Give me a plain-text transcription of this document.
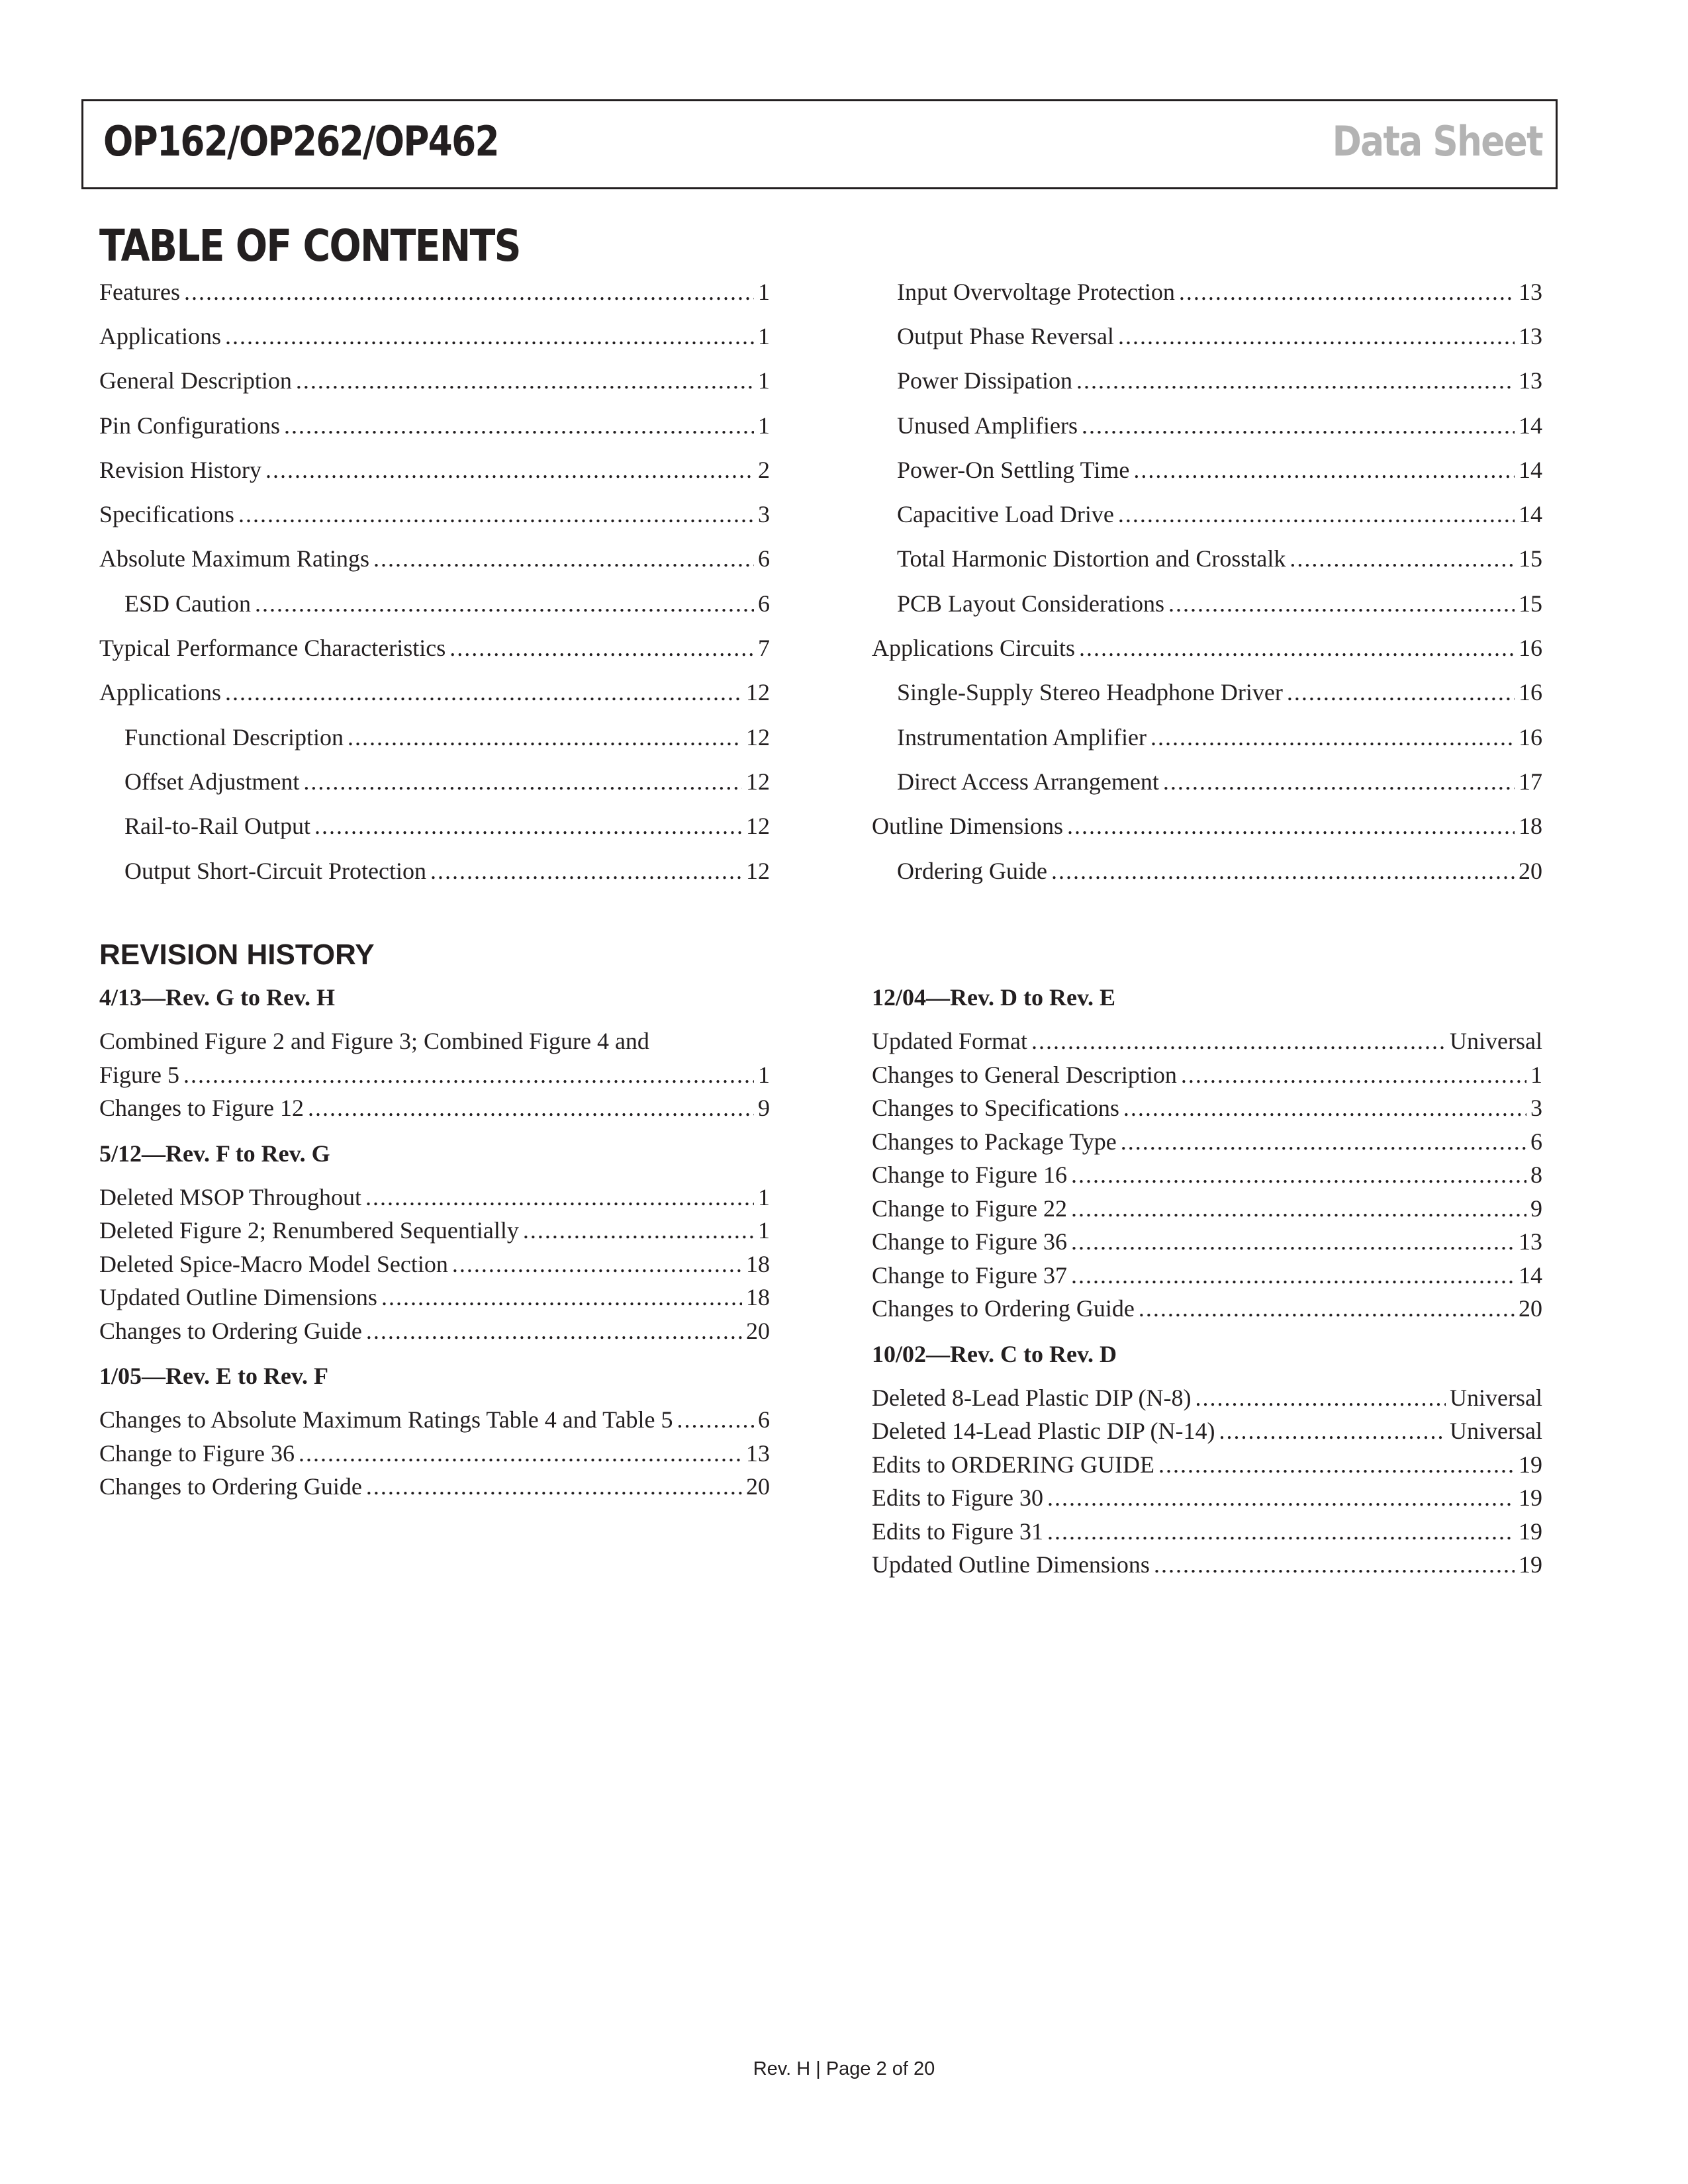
OP162/OP262/OP462	Data Sheet
TABLE OF CONTENTS
Features .....	1
Applications .....	1
General Description .....	1
Pin Configurations .....	1
Revision History .....	2
Specifications .....	3
Absolute Maximum Ratings .....	6
ESD Caution .....	6
Typical Performance Characteristics .....	7
Applications .....	12
Functional Description .....	12
Offset Adjustment .....	12
Rail-to-Rail Output .....	12
Output Short-Circuit Protection .....	12
Input Overvoltage Protection .....	13
Output Phase Reversal .....	13
Power Dissipation .....	13
Unused Amplifiers .....	14
Power-On Settling Time .....	14
Capacitive Load Drive .....	14
Total Harmonic Distortion and Crosstalk .....	15
PCB Layout Considerations .....	15
Applications Circuits .....	16
Single-Supply Stereo Headphone Driver .....	16
Instrumentation Amplifier .....	16
Direct Access Arrangement .....	17
Outline Dimensions .....	18
Ordering Guide .....	20
REVISION HISTORY
4/13—Rev. G to Rev. H
Combined Figure 2 and Figure 3; Combined Figure 4 and
Figure 5 .....	1
Changes to Figure 12 .....	9
5/12—Rev. F to Rev. G
Deleted MSOP Throughout .....	1
Deleted Figure 2; Renumbered Sequentially .....	1
Deleted Spice-Macro Model Section .....	18
Updated Outline Dimensions .....	18
Changes to Ordering Guide .....	20
1/05—Rev. E to Rev. F
Changes to Absolute Maximum Ratings Table 4 and Table 5 .....	6
Change to Figure 36 .....	13
Changes to Ordering Guide .....	20
12/04—Rev. D to Rev. E
Updated Format .....	Universal
Changes to General Description .....	1
Changes to Specifications .....	3
Changes to Package Type .....	6
Change to Figure 16 .....	8
Change to Figure 22 .....	9
Change to Figure 36 .....	13
Change to Figure 37 .....	14
Changes to Ordering Guide .....	20
10/02—Rev. C to Rev. D
Deleted 8-Lead Plastic DIP (N-8) .....	Universal
Deleted 14-Lead Plastic DIP (N-14) .....	Universal
Edits to ORDERING GUIDE .....	19
Edits to Figure 30 .....	19
Edits to Figure 31 .....	19
Updated Outline Dimensions .....	19
Rev. H | Page 2 of 20
